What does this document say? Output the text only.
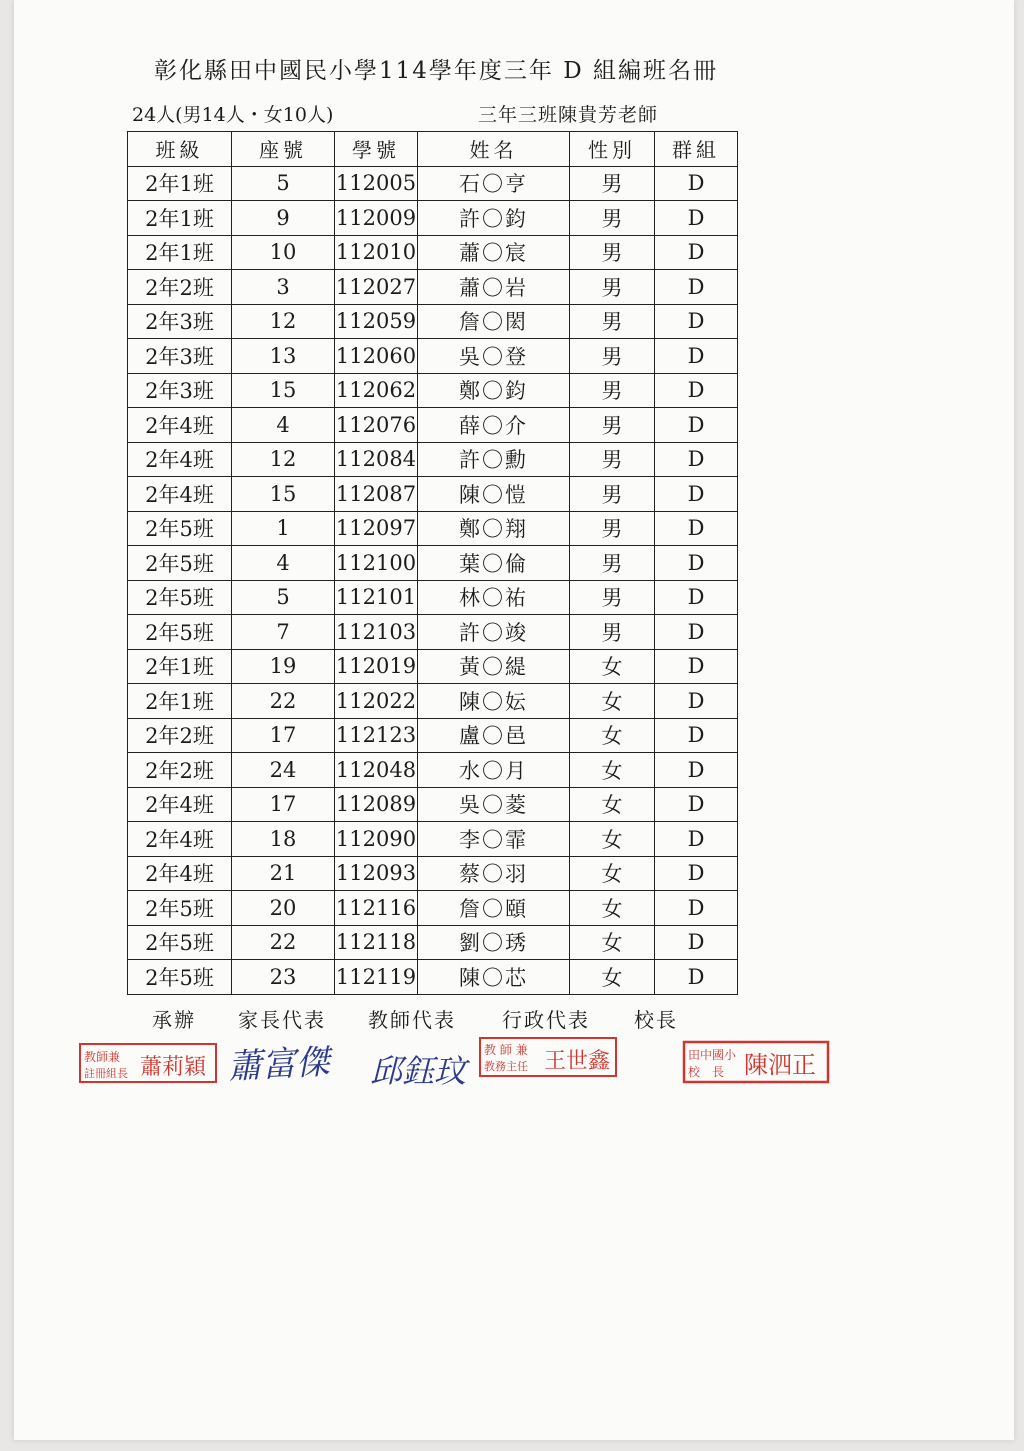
彰化縣田中國民小學114學年度三年 D 組編班名冊
24人(男14人・女10人)	三年三班陳貴芳老師
班級	座號	學號	姓名	性別	群組
2年1班	5	112005	石〇亨	男	D
2年1班	9	112009	許〇鈞	男	D
2年1班	10	112010	蕭〇宸	男	D
2年2班	3	112027	蕭〇岩	男	D
2年3班	12	112059	詹〇閎	男	D
2年3班	13	112060	吳〇登	男	D
2年3班	15	112062	鄭〇鈞	男	D
2年4班	4	112076	薛〇介	男	D
2年4班	12	112084	許〇勳	男	D
2年4班	15	112087	陳〇愷	男	D
2年5班	1	112097	鄭〇翔	男	D
2年5班	4	112100	葉〇倫	男	D
2年5班	5	112101	林〇祐	男	D
2年5班	7	112103	許〇竣	男	D
2年1班	19	112019	黃〇緹	女	D
2年1班	22	112022	陳〇妘	女	D
2年2班	17	112123	盧〇邑	女	D
2年2班	24	112048	水〇月	女	D
2年4班	17	112089	吳〇菱	女	D
2年4班	18	112090	李〇霏	女	D
2年4班	21	112093	蔡〇羽	女	D
2年5班	20	112116	詹〇頤	女	D
2年5班	22	112118	劉〇琇	女	D
2年5班	23	112119	陳〇芯	女	D
承辦 家長代表 教師代表 行政代表 校長
教師兼
註冊組長 蕭莉穎 蕭富傑 邱鈺玟
教 師 兼
教務主任 王世鑫	田中國小
校　長 陳泗正
